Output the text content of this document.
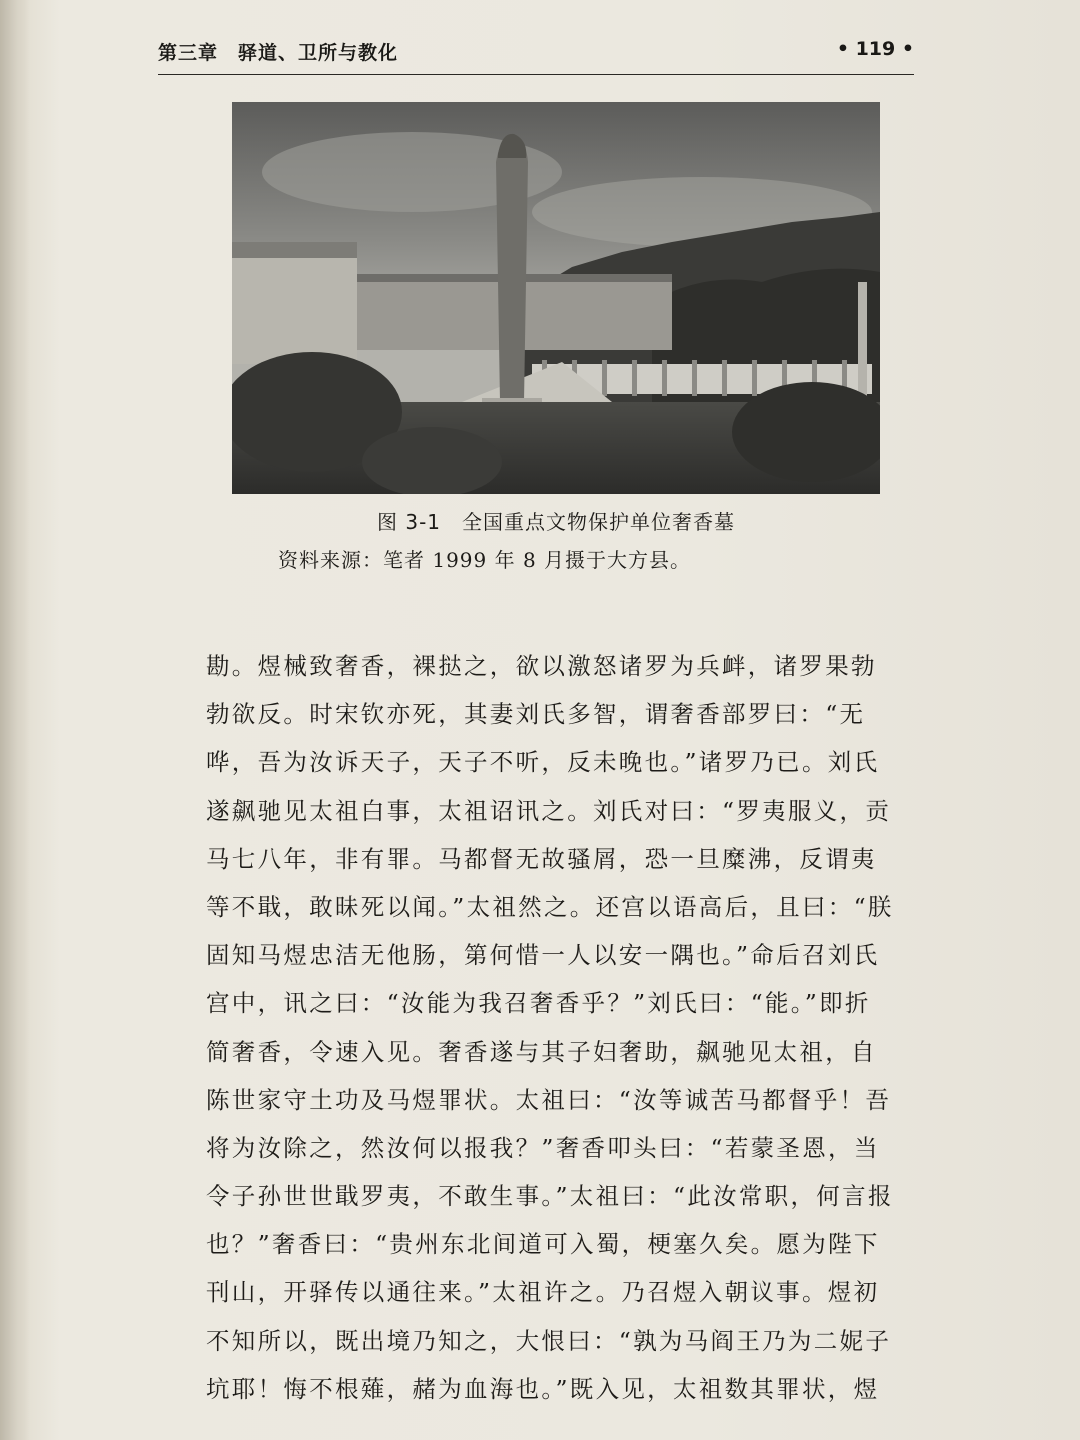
第三章　驿道、卫所与教化	• 119 •
图 3-1　全国重点文物保护单位奢香墓
资料来源：笔者 1999 年 8 月摄于大方县。
勘。煜械致奢香，裸挞之，欲以激怒诸罗为兵衅，诸罗果勃
勃欲反。时宋钦亦死，其妻刘氏多智，谓奢香部罗曰：“无
哗，吾为汝诉天子，天子不听，反未晚也。”诸罗乃已。刘氏
遂飙驰见太祖白事，太祖诏讯之。刘氏对曰：“罗夷服义，贡
马七八年，非有罪。马都督无故骚屑，恐一旦糜沸，反谓夷
等不戢，敢昧死以闻。”太祖然之。还宫以语高后，且曰：“朕
固知马煜忠洁无他肠，第何惜一人以安一隅也。”命后召刘氏
宫中，讯之曰：“汝能为我召奢香乎？”刘氏曰：“能。”即折
简奢香，令速入见。奢香遂与其子妇奢助，飙驰见太祖，自
陈世家守土功及马煜罪状。太祖曰：“汝等诚苦马都督乎！吾
将为汝除之，然汝何以报我？”奢香叩头曰：“若蒙圣恩，当
令子孙世世戢罗夷，不敢生事。”太祖曰：“此汝常职，何言报
也？”奢香曰：“贵州东北间道可入蜀，梗塞久矣。愿为陛下
刊山，开驿传以通往来。”太祖许之。乃召煜入朝议事。煜初
不知所以，既出境乃知之，大恨曰：“孰为马阎王乃为二妮子
坑耶！悔不根薙，赭为血海也。”既入见，太祖数其罪状，煜
